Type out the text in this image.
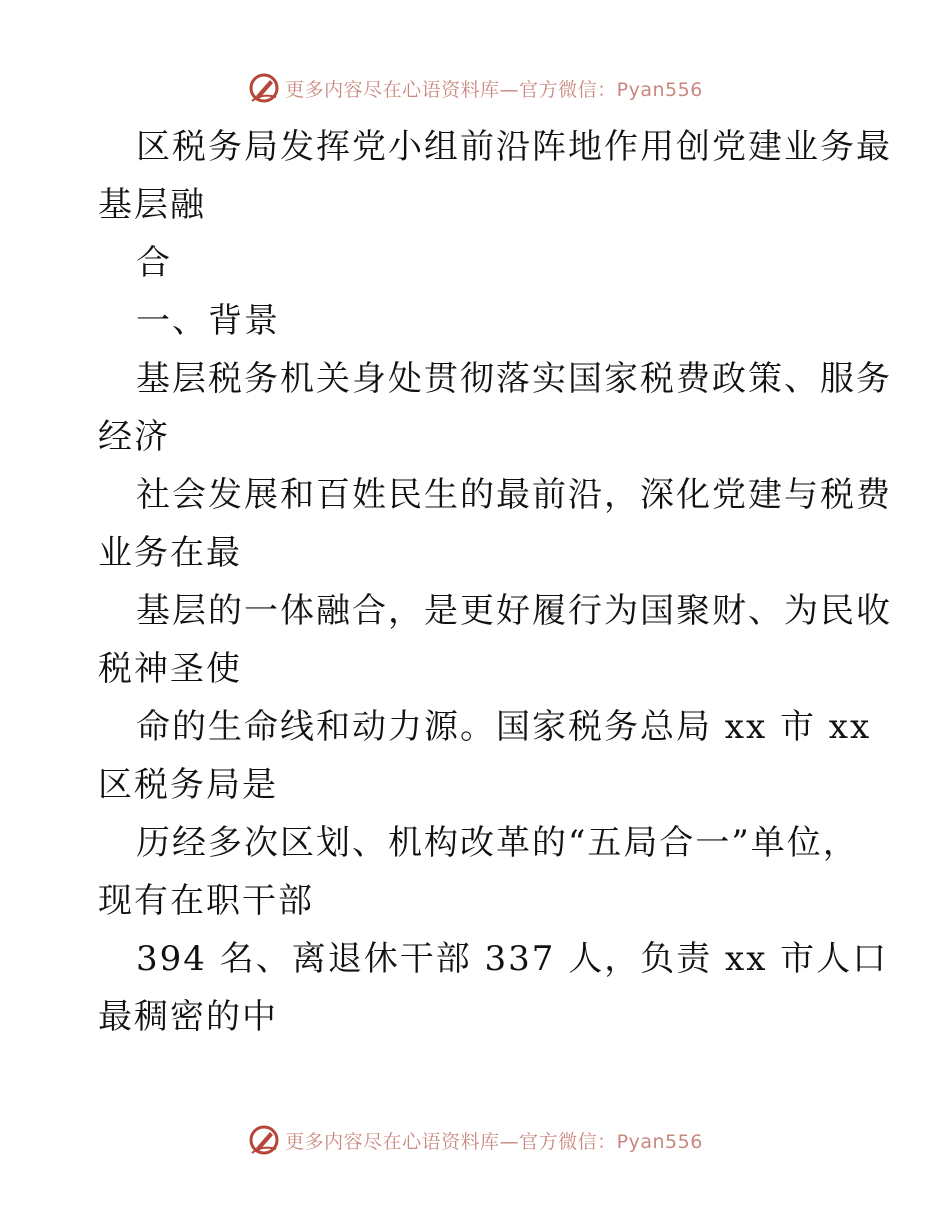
更多内容尽在心语资料库—官方微信：Pyan556
区税务局发挥党小组前沿阵地作用创党建业务最
基层融
合
一、背景
基层税务机关身处贯彻落实国家税费政策、服务
经济
社会发展和百姓民生的最前沿，深化党建与税费
业务在最
基层的一体融合，是更好履行为国聚财、为民收
税神圣使
命的生命线和动力源。国家税务总局 xx 市 xx
区税务局是
历经多次区划、机构改革的“五局合一”单位，
现有在职干部
394 名、离退休干部 337 人，负责 xx 市人口
最稠密的中
更多内容尽在心语资料库—官方微信：Pyan556
